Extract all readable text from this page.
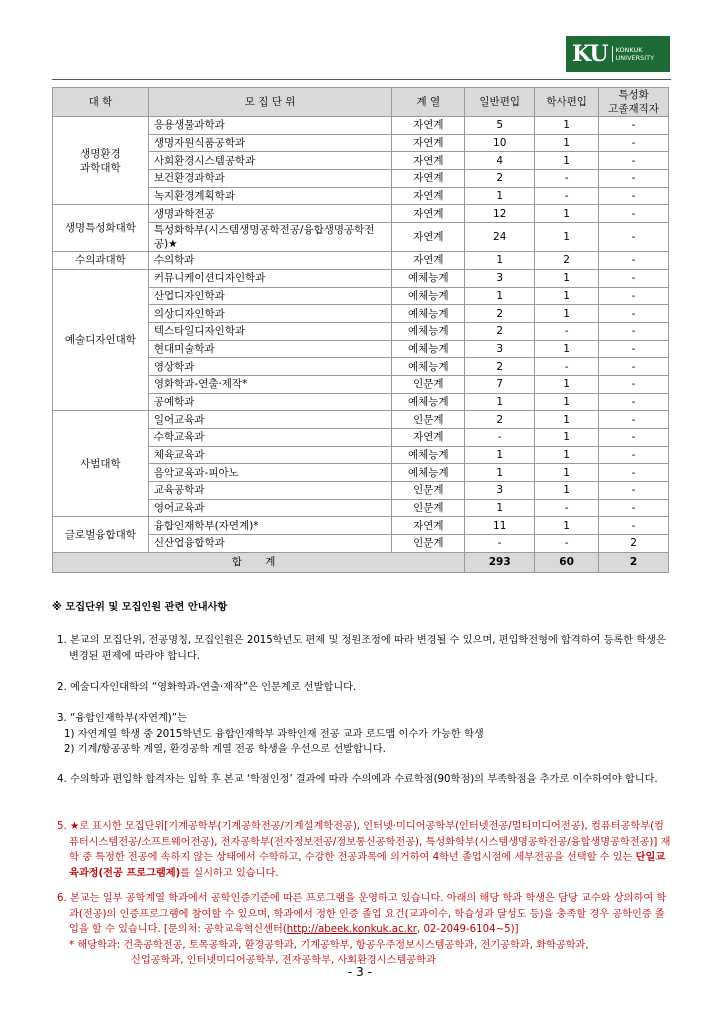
KU	KONKUK
UNIVERSITY
대 학	모 집 단 위	계 열	일반편입	학사편입	특성화
고졸재직자
생명환경
과학대학	응용생물과학과	자연계	5	1	-
	생명자원식품공학과	자연계	10	1	-
	사회환경시스템공학과	자연계	4	1	-
	보건환경과학과	자연계	2	-	-
	녹지환경계획학과	자연계	1	-	-
생명특성화대학	생명과학전공	자연계	12	1	-
	특성화학부(시스템생명공학전공/융합생명공학전공)★	자연계	24	1	-
수의과대학	수의학과	자연계	1	2	-
예술디자인대학	커뮤니케이션디자인학과	예체능계	3	1	-
	산업디자인학과	예체능계	1	1	-
	의상디자인학과	예체능계	2	1	-
	텍스타일디자인학과	예체능계	2	-	-
	현대미술학과	예체능계	3	1	-
	영상학과	예체능계	2	-	-
	영화학과-연출·제작*	인문계	7	1	-
	공예학과	예체능계	1	1	-
사범대학	일어교육과	인문계	2	1	-
	수학교육과	자연계	-	1	-
	체육교육과	예체능계	1	1	-
	음악교육과-피아노	예체능계	1	1	-
	교육공학과	인문계	3	1	-
	영어교육과	인문계	1	-	-
글로벌융합대학	융합인재학부(자연계)*	자연계	11	1	-
	신산업융합학과	인문계	-	-	2
합 계			293	60	2
※ 모집단위 및 모집인원 관련 안내사항
1. 본교의 모집단위, 전공명칭, 모집인원은 2015학년도 편제 및 정원조정에 따라 변경될 수 있으며, 편입학전형에 합격하여 등록한 학생은 변경된 편제에 따라야 합니다.
2. 예술디자인대학의 “영화학과-연출·제작”은 인문계로 선발합니다.
3. “융합인재학부(자연계)”는
1) 자연계열 학생 중 2015학년도 융합인재학부 과학인재 전공 교과 로드맵 이수가 가능한 학생
2) 기계/항공공학 계열, 환경공학 계열 전공 학생을 우선으로 선발합니다.
4. 수의학과 편입학 합격자는 입학 후 본교 ‘학점인정’ 결과에 따라 수의예과 수료학점(90학점)의 부족학점을 추가로 이수하여야 합니다.
5. ★로 표시한 모집단위[기계공학부(기계공학전공/기계설계학전공), 인터넷·미디어공학부(인터넷전공/멀티미디어전공), 컴퓨터공학부(컴퓨터시스템전공/소프트웨어전공), 전자공학부(전자정보전공/정보통신공학전공), 특성화학부(시스템생명공학전공/융합생명공학전공)] 재학 중 특정한 전공에 속하지 않는 상태에서 수학하고, 수강한 전공과목에 의거하여 4학년 졸업시점에 세부전공을 선택할 수 있는 단일교육과정(전공 프로그램제)를 실시하고 있습니다.
6. 본교는 일부 공학계열 학과에서 공학인증기준에 따른 프로그램을 운영하고 있습니다. 아래의 해당 학과 학생은 담당 교수와 상의하여 학과(전공)의 인증프로그램에 참여할 수 있으며, 학과에서 정한 인증 졸업 요건(교과이수, 학습성과 달성도 등)을 충족할 경우 공학인증 졸업을 할 수 있습니다. [문의처: 공학교육혁신센터(http://abeek.konkuk.ac.kr, 02-2049-6104~5)]
* 해당학과: 건축공학전공, 토목공학과, 환경공학과, 기계공학부, 항공우주정보시스템공학과, 전기공학과, 화학공학과,
신업공학과, 인터넷미디어공학부, 전자공학부, 사회환경시스템공학과
- 3 -
